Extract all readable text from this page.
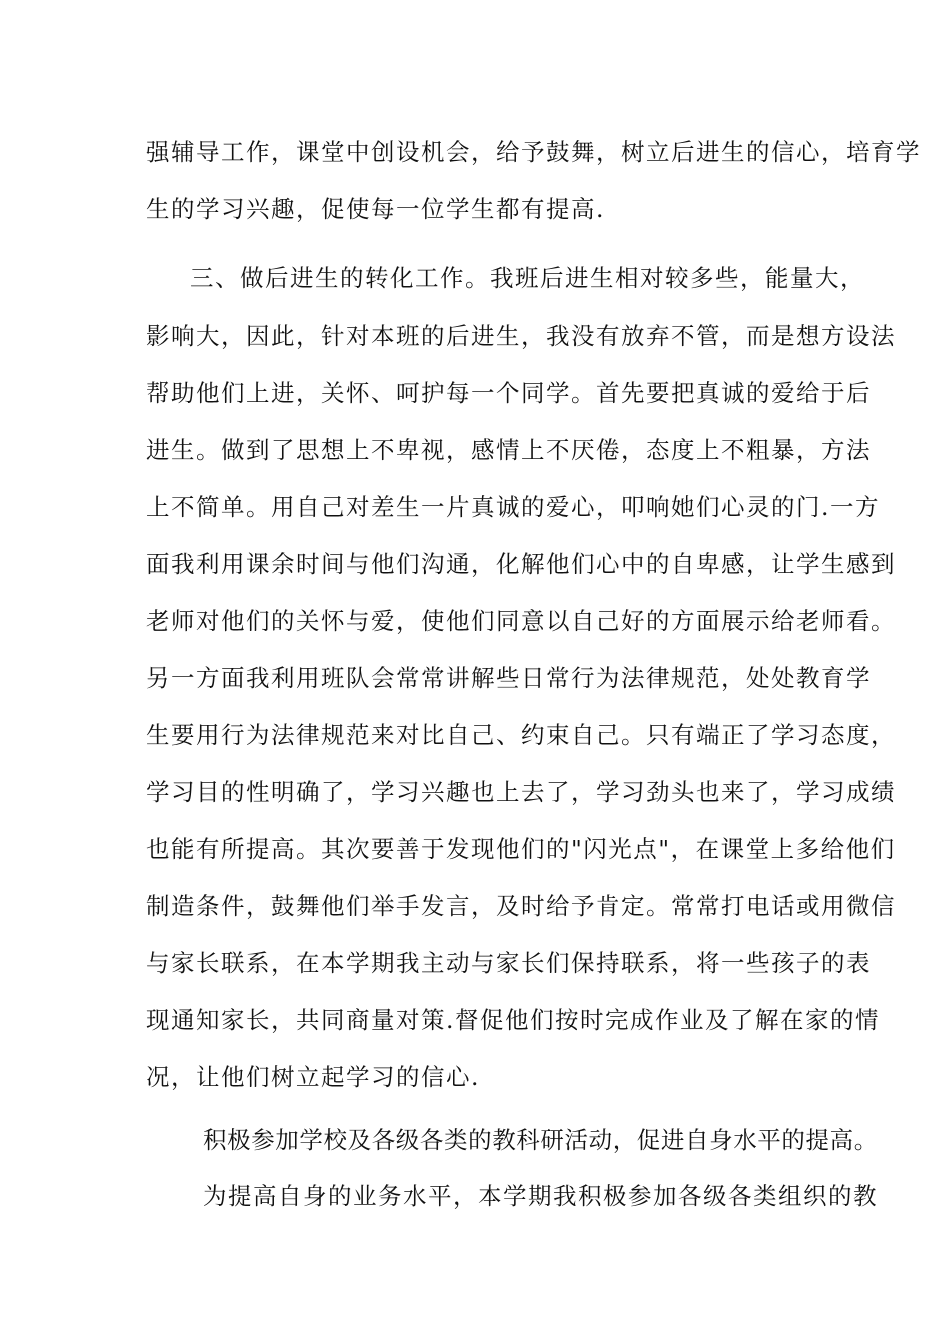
强辅导工作，课堂中创设机会，给予鼓舞，树立后进生的信心，培育学
生的学习兴趣，促使每一位学生都有提高.
三、做后进生的转化工作。我班后进生相对较多些，能量大，
影响大，因此，针对本班的后进生，我没有放弃不管，而是想方设法
帮助他们上进，关怀、呵护每一个同学。首先要把真诚的爱给于后
进生。做到了思想上不卑视，感情上不厌倦，态度上不粗暴，方法
上不简单。用自己对差生一片真诚的爱心，叩响她们心灵的门.一方
面我利用课余时间与他们沟通，化解他们心中的自卑感，让学生感到
老师对他们的关怀与爱，使他们同意以自己好的方面展示给老师看。
另一方面我利用班队会常常讲解些日常行为法律规范，处处教育学
生要用行为法律规范来对比自己、约束自己。只有端正了学习态度，
学习目的性明确了，学习兴趣也上去了，学习劲头也来了，学习成绩
也能有所提高。其次要善于发现他们的"闪光点"，在课堂上多给他们
制造条件，鼓舞他们举手发言，及时给予肯定。常常打电话或用微信
与家长联系，在本学期我主动与家长们保持联系，将一些孩子的表
现通知家长，共同商量对策.督促他们按时完成作业及了解在家的情
况，让他们树立起学习的信心.
积极参加学校及各级各类的教科研活动，促进自身水平的提高。
为提高自身的业务水平，本学期我积极参加各级各类组织的教
